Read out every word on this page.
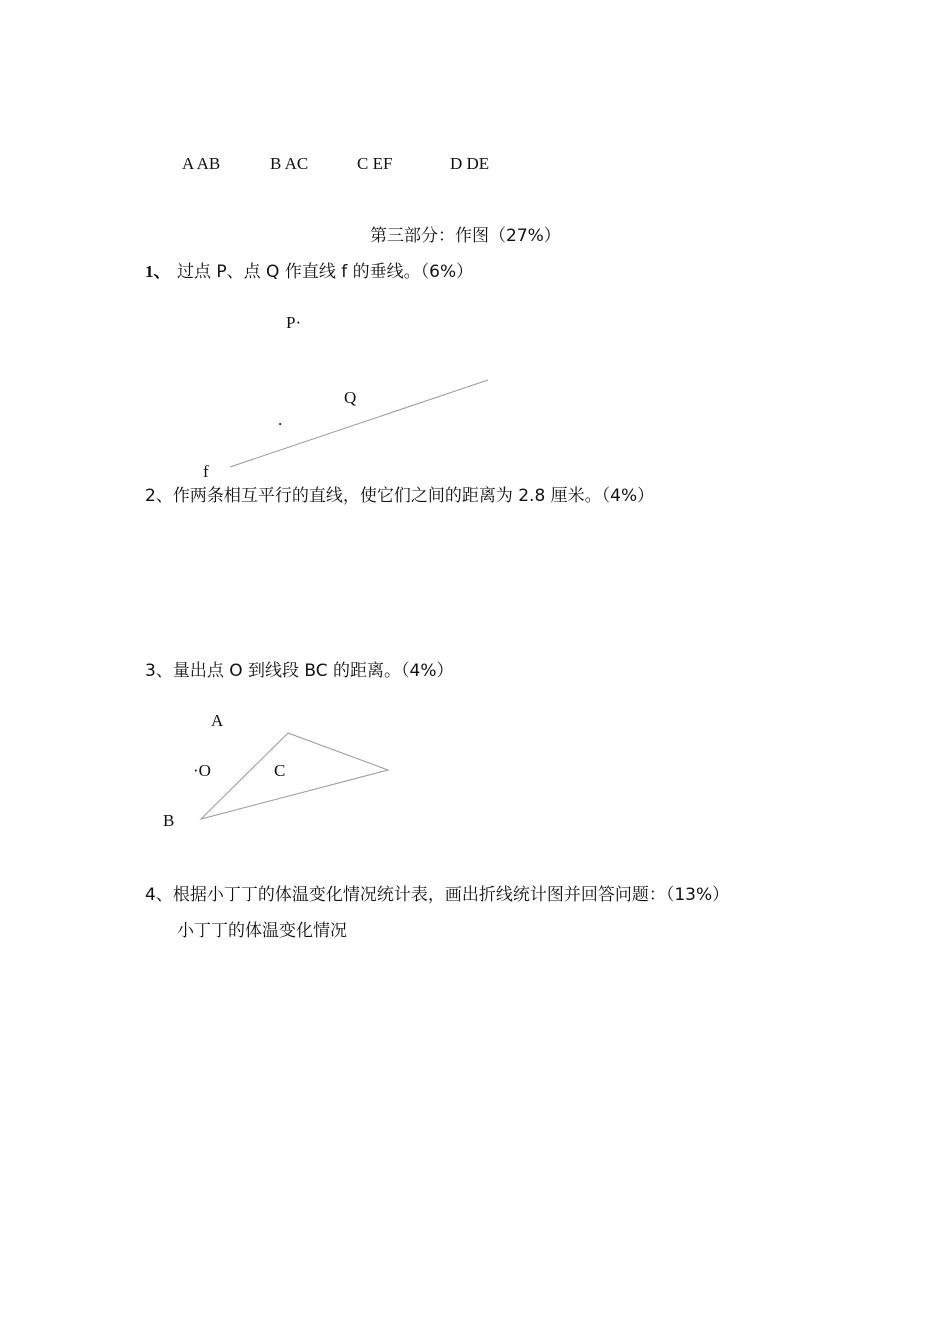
A AB	B AC	C EF	D DE
第三部分：作图（27%）
1、 过点 P、点 Q 作直线 f 的垂线。（6%）
P·
Q
.
f
2、作两条相互平行的直线，使它们之间的距离为 2.8 厘米。（4%）
3、量出点 O 到线段 BC 的距离。（4%）
A
·O	C
B
4、根据小丁丁的体温变化情况统计表，画出折线统计图并回答问题：（13%）
小丁丁的体温变化情况
